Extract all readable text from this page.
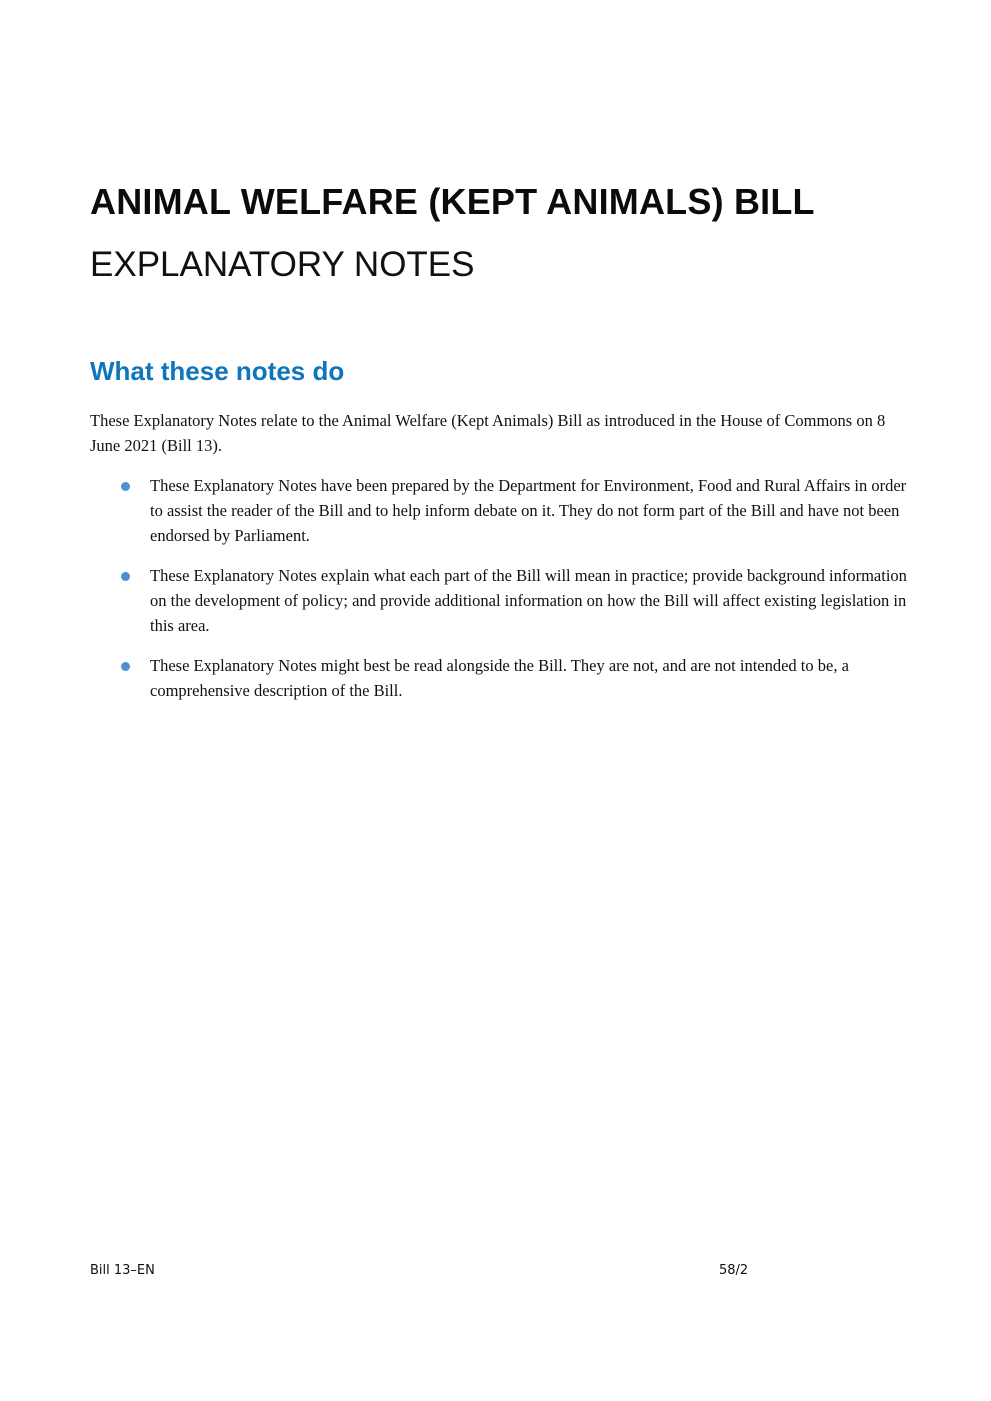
ANIMAL WELFARE (KEPT ANIMALS) BILL
EXPLANATORY NOTES
What these notes do

These Explanatory Notes relate to the Animal Welfare (Kept Animals) Bill as introduced in the House of Commons on 8 June 2021 (Bill 13).

These Explanatory Notes have been prepared by the Department for Environment, Food and Rural Affairs in order to assist the reader of the Bill and to help inform debate on it. They do not form part of the Bill and have not been endorsed by Parliament.
These Explanatory Notes explain what each part of the Bill will mean in practice; provide background information on the development of policy; and provide additional information on how the Bill will affect existing legislation in this area.
These Explanatory Notes might best be read alongside the Bill. They are not, and are not intended to be, a comprehensive description of the Bill.
Bill 13–EN	58/2
